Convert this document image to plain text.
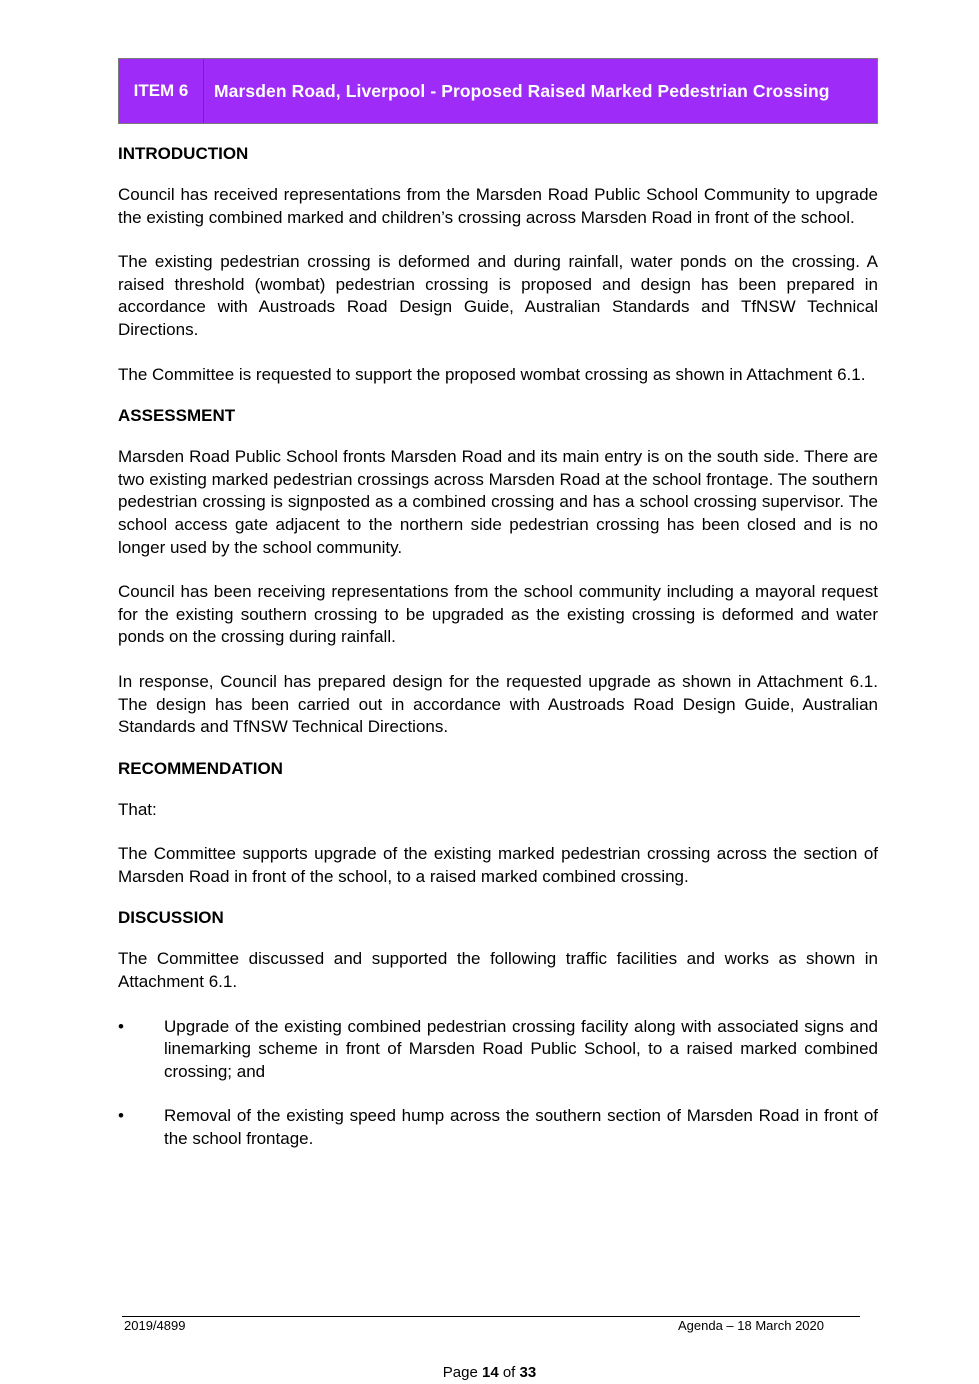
ITEM 6	Marsden Road, Liverpool - Proposed Raised Marked Pedestrian Crossing
INTRODUCTION

Council has received representations from the Marsden Road Public School Community to upgrade the existing combined marked and children’s crossing across Marsden Road in front of the school.

The existing pedestrian crossing is deformed and during rainfall, water ponds on the crossing. A raised threshold (wombat) pedestrian crossing is proposed and design has been prepared in accordance with Austroads Road Design Guide, Australian Standards and TfNSW Technical Directions.

The Committee is requested to support the proposed wombat crossing as shown in Attachment 6.1.

ASSESSMENT

Marsden Road Public School fronts Marsden Road and its main entry is on the south side. There are two existing marked pedestrian crossings across Marsden Road at the school frontage. The southern pedestrian crossing is signposted as a combined crossing and has a school crossing supervisor. The school access gate adjacent to the northern side pedestrian crossing has been closed and is no longer used by the school community.

Council has been receiving representations from the school community including a mayoral request for the existing southern crossing to be upgraded as the existing crossing is deformed and water ponds on the crossing during rainfall.

In response, Council has prepared design for the requested upgrade as shown in Attachment 6.1. The design has been carried out in accordance with Austroads Road Design Guide, Australian Standards and TfNSW Technical Directions.

RECOMMENDATION

That:

The Committee supports upgrade of the existing marked pedestrian crossing across the section of Marsden Road in front of the school, to a raised marked combined crossing.

DISCUSSION

The Committee discussed and supported the following traffic facilities and works as shown in Attachment 6.1.

•	Upgrade of the existing combined pedestrian crossing facility along with associated signs and linemarking scheme in front of Marsden Road Public School, to a raised marked combined crossing; and
•	Removal of the existing speed hump across the southern section of Marsden Road in front of the school frontage.
2019/4899	Agenda – 18 March 2020
Page 14 of 33
